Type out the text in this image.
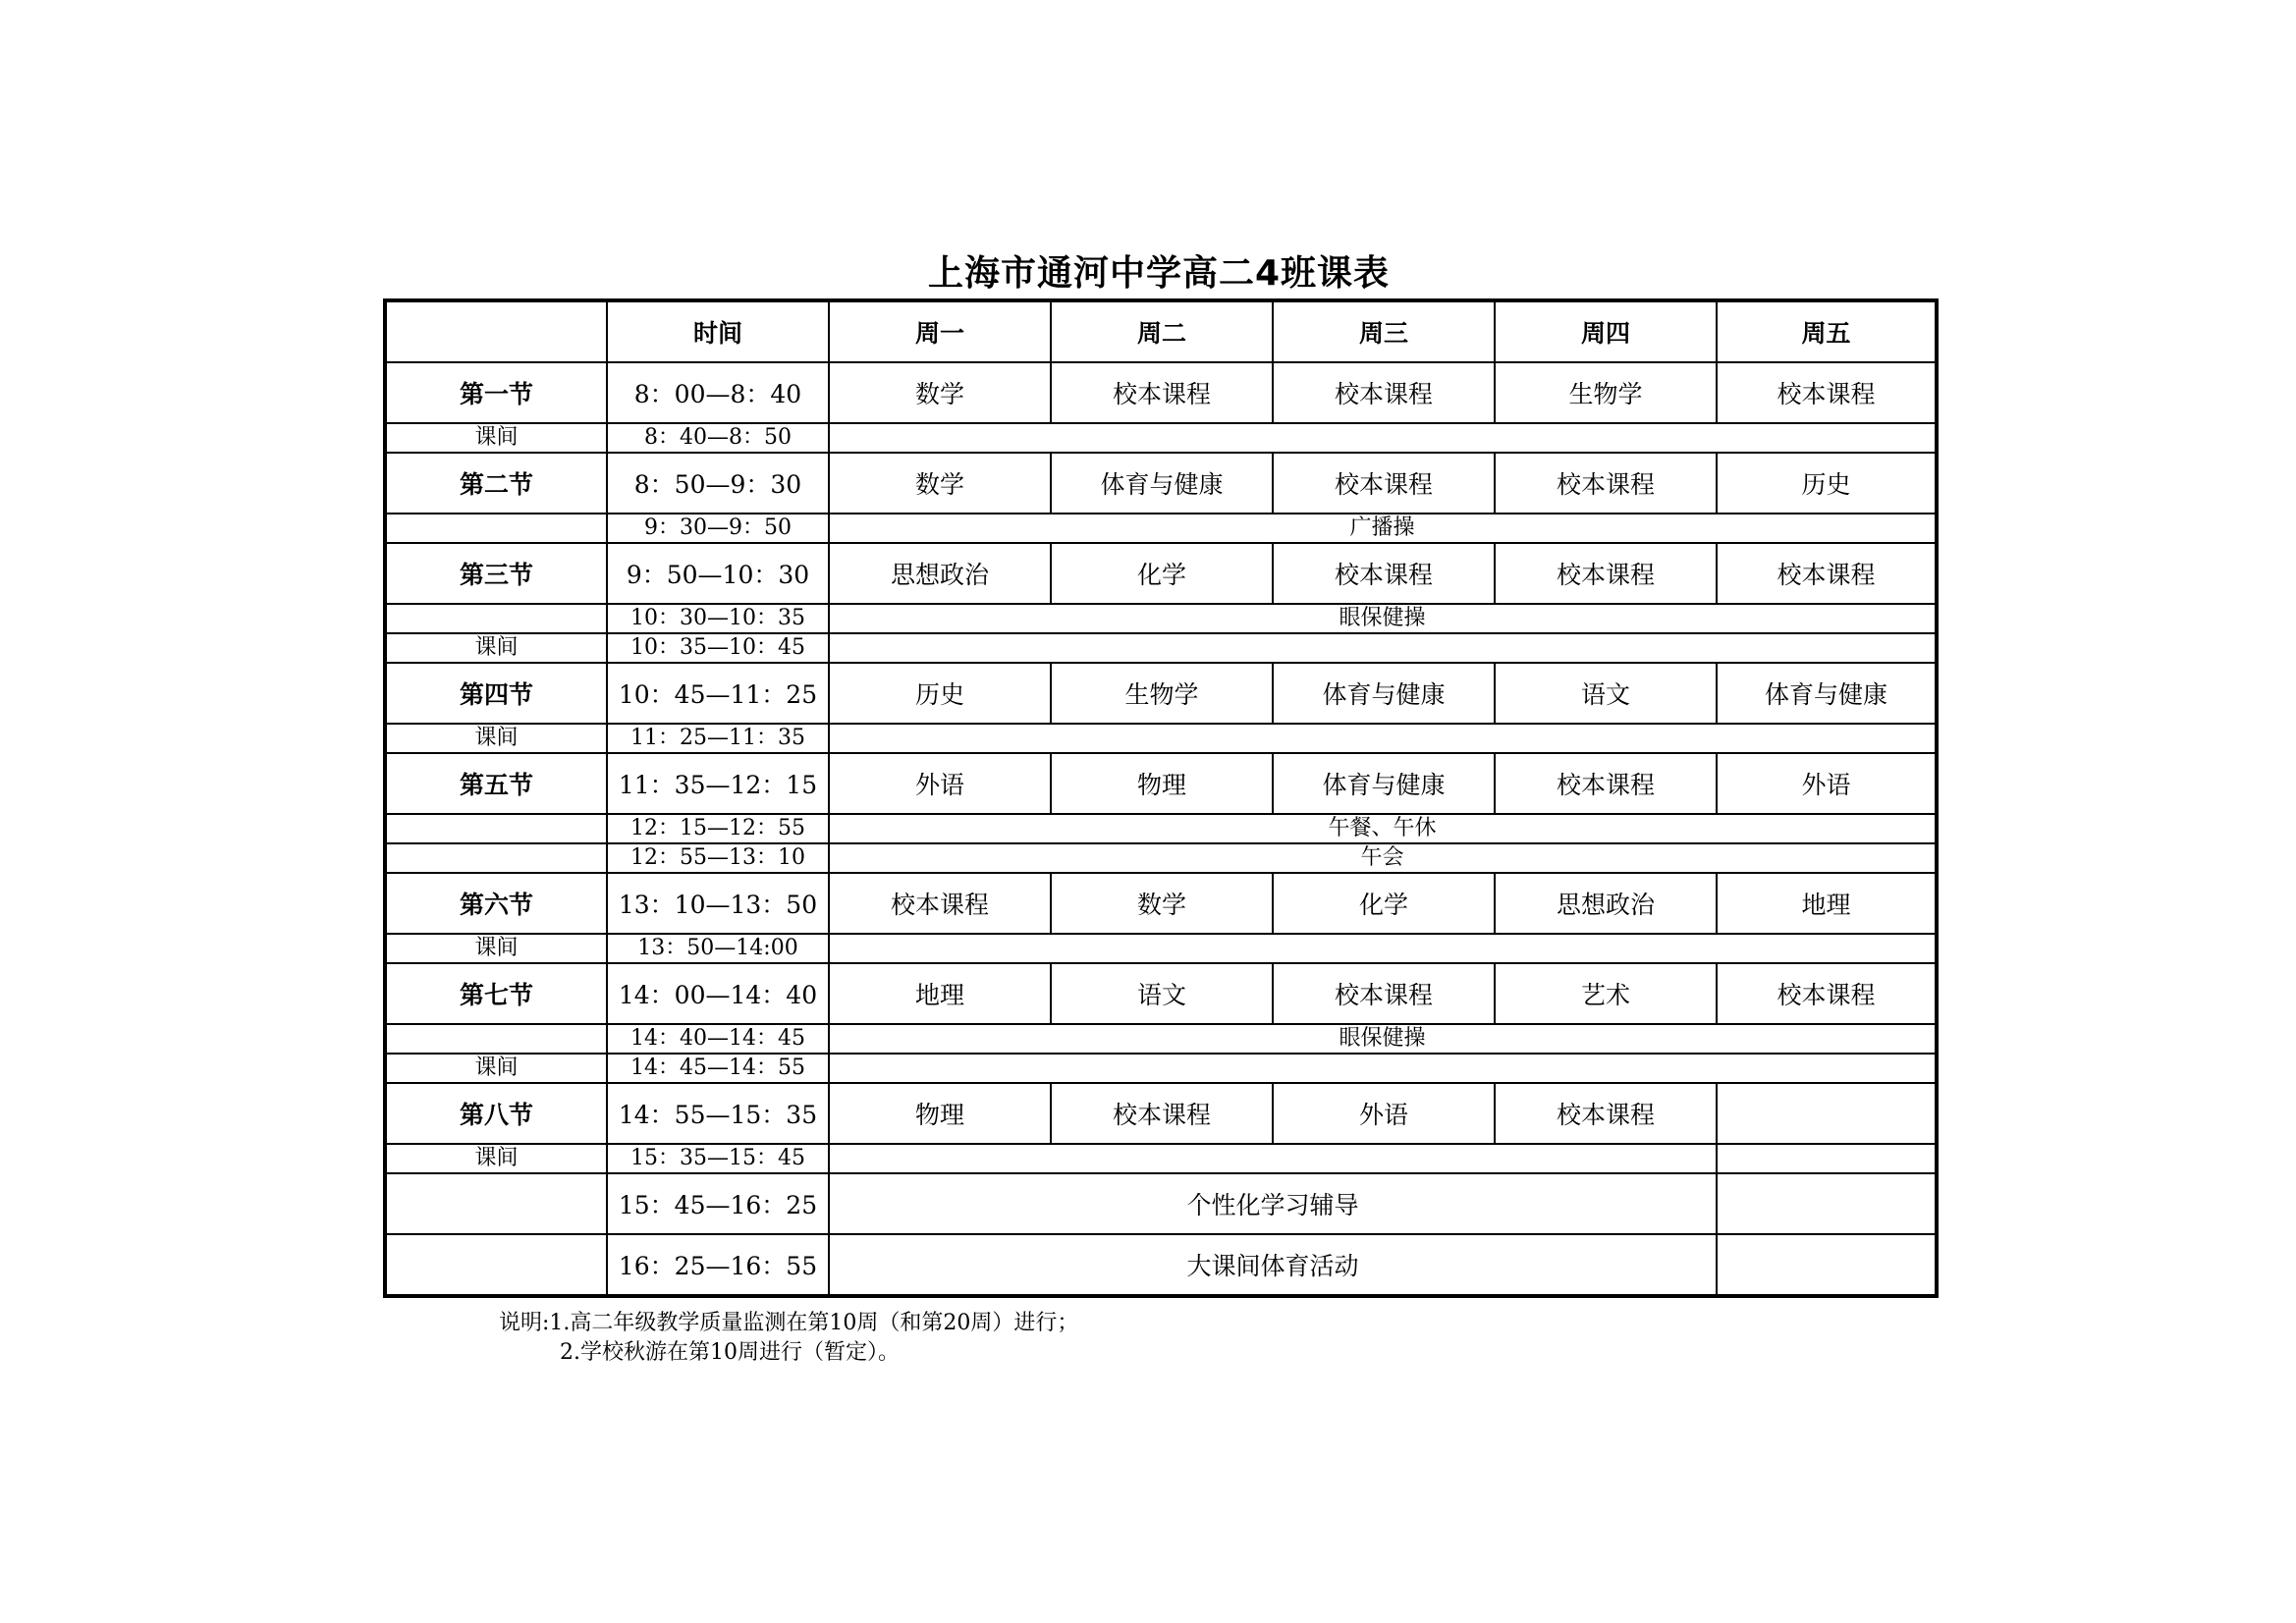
上海市通河中学高二4班课表
	时间	周一	周二	周三	周四	周五
第一节	8：00—8：40	数学	校本课程	校本课程	生物学	校本课程
课间	8：40—8：50					
第二节	8：50—9：30	数学	体育与健康	校本课程	校本课程	历史
	9：30—9：50	广播操				
第三节	9：50—10：30	思想政治	化学	校本课程	校本课程	校本课程
	10：30—10：35	眼保健操				
课间	10：35—10：45					
第四节	10：45—11：25	历史	生物学	体育与健康	语文	体育与健康
课间	11：25—11：35					
第五节	11：35—12：15	外语	物理	体育与健康	校本课程	外语
	12：15—12：55	午餐、午休				
	12：55—13：10	午会				
第六节	13：10—13：50	校本课程	数学	化学	思想政治	地理
课间	13：50—14:00					
第七节	14：00—14：40	地理	语文	校本课程	艺术	校本课程
	14：40—14：45	眼保健操				
课间	14：45—14：55					
第八节	14：55—15：35	物理	校本课程	外语	校本课程	
课间	15：35—15：45					
	15：45—16：25	个性化学习辅导				
	16：25—16：55	大课间体育活动				
说明:1.高二年级教学质量监测在第10周（和第20周）进行；
2.学校秋游在第10周进行（暂定）。
